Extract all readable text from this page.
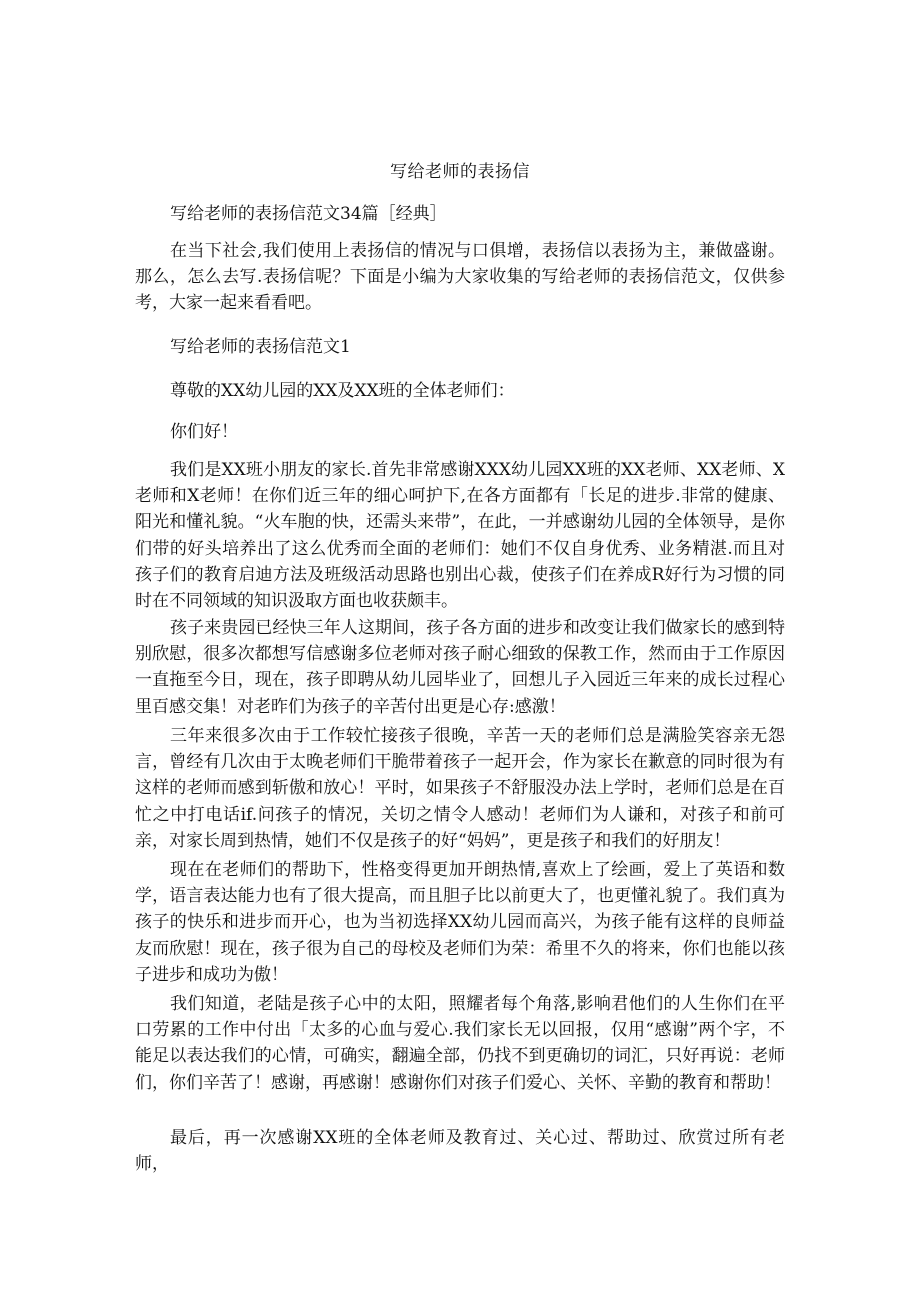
写给老师的表扬信
写给老师的表扬信范文34篇［经典］

在当下社会,我们使用上表扬信的情况与口俱增，表扬信以表扬为主，兼做盛谢。那么，怎么去写.表扬信呢？下面是小编为大家收集的写给老师的表扬信范文，仅供参考，大家一起来看看吧。

写给老师的表扬信范文1
尊敬的XX幼儿园的XX及XX班的全体老师们：
你们好！

我们是XX班小朋友的家长.首先非常感谢XXX幼儿园XX班的XX老师、XX老师、X老师和X老师！在你们近三年的细心呵护下,在各方面都有「长足的进步.非常的健康、阳光和懂礼貌。“火车胞的快，还需头来带”，在此，一并感谢幼儿园的全体领导，是你们带的好头培养出了这么优秀而全面的老师们：她们不仅自身优秀、业务精湛.而且对孩子们的教育启迪方法及班级活动思路也别出心裁，使孩子们在养成R好行为习惯的同时在不同领域的知识汲取方面也收获颇丰。

孩子来贵园已经快三年人这期间，孩子各方面的进步和改变让我们做家长的感到特别欣慰，很多次都想写信感谢多位老师对孩子耐心细致的保教工作，然而由于工作原因一直拖至今日，现在，孩子即聘从幼儿园毕业了，回想儿子入园近三年来的成长过程心里百感交集！对老昨们为孩子的辛苦付出更是心存:感激！

三年来很多次由于工作较忙接孩子很晚，辛苦一天的老师们总是满脸笑容亲无怨言，曾经有几次由于太晚老师们干脆带着孩子一起开会，作为家长在歉意的同时很为有这样的老师而感到斩傲和放心！平时，如果孩子不舒服没办法上学时，老师们总是在百忙之中打电话if.问孩子的情况，关切之情令人感动！老师们为人谦和，对孩子和前可亲，对家长周到热情，她们不仅是孩子的好“妈妈”，更是孩子和我们的好朋友！

现在在老师们的帮助下，性格变得更加开朗热情,喜欢上了绘画，爱上了英语和数学，语言表达能力也有了很大提高，而且胆子比以前更大了，也更懂礼貌了。我们真为孩子的快乐和进步而开心，也为当初选择XX幼儿园而高兴，为孩子能有这样的良师益友而欣慰！现在，孩子很为自己的母校及老师们为荣：希里不久的将来，你们也能以孩子进步和成功为傲！

我们知道，老陆是孩子心中的太阳，照耀者每个角落,影响君他们的人生你们在平口劳累的工作中付出「太多的心血与爱心.我们家长无以回报，仅用“感谢”两个字，不能足以表达我们的心情，可确实，翻遍全部，仍找不到更确切的词汇，只好再说：老师们，你们辛苦了！感谢，再感谢！感谢你们对孩子们爱心、关怀、辛勤的教育和帮助！

最后，再一次感谢XX班的全体老师及教育过、关心过、帮助过、欣赏过所有老师，
